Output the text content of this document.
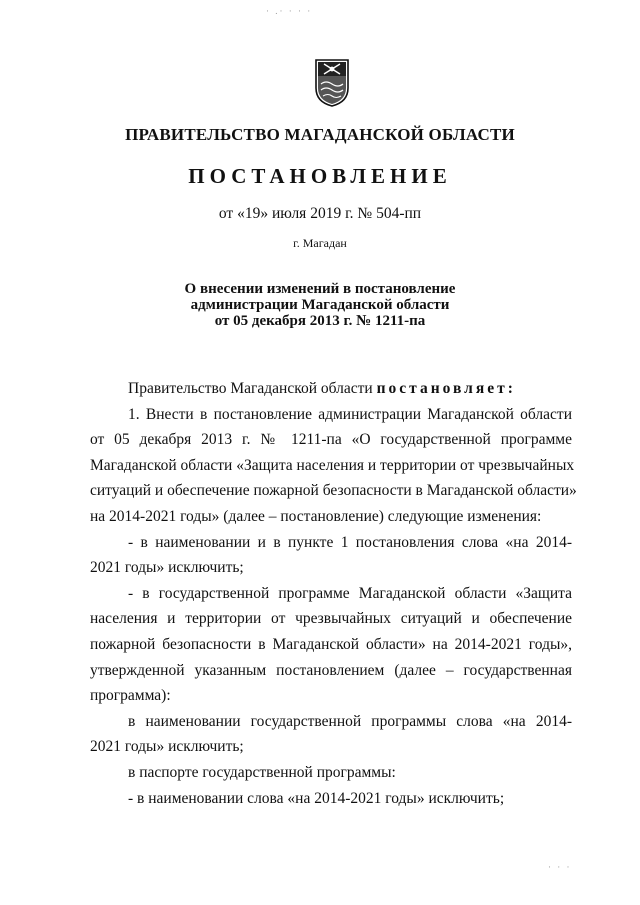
· .· · · ·
· · ·
ПРАВИТЕЛЬСТВО МАГАДАНСКОЙ ОБЛАСТИ
ПОСТАНОВЛЕНИЕ
от «19» июля 2019 г. № 504-пп
г. Магадан
О внесении изменений в постановление
администрации Магаданской области
от 05 декабря 2013 г. № 1211-па
Правительство Магаданской области постановляет:
1. Внести в постановление администрации Магаданской области
от 05 декабря 2013 г. № 1211-па «О государственной программе
Магаданской области «Защита населения и территории от чрезвычайных
ситуаций и обеспечение пожарной безопасности в Магаданской области»
на 2014-2021 годы» (далее – постановление) следующие изменения:
- в наименовании и в пункте 1 постановления слова «на 2014-
2021 годы» исключить;
- в государственной программе Магаданской области «Защита
населения и территории от чрезвычайных ситуаций и обеспечение
пожарной безопасности в Магаданской области» на 2014-2021 годы»,
утвержденной указанным постановлением (далее – государственная
программа):
в наименовании государственной программы слова «на 2014-
2021 годы» исключить;
в паспорте государственной программы:
- в наименовании слова «на 2014-2021 годы» исключить;
